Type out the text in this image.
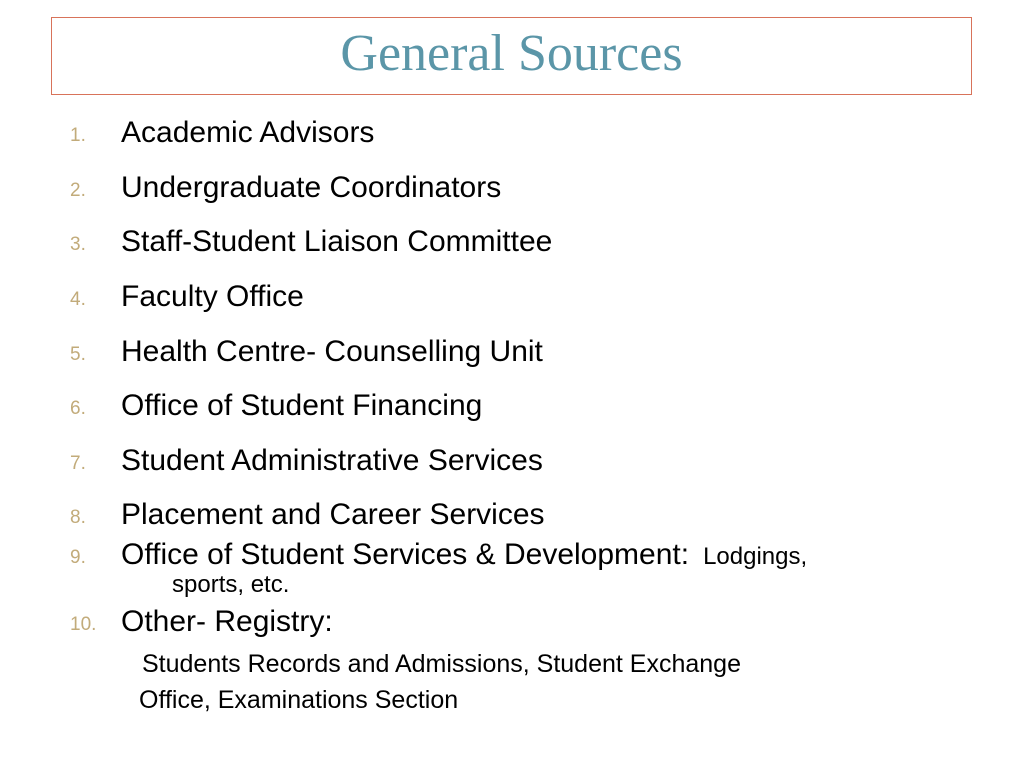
General Sources
1.	Academic Advisors
2.	Undergraduate Coordinators
3.	Staff-Student Liaison Committee
4.	Faculty Office
5.	Health Centre- Counselling Unit
6.	Office of Student Financing
7.	Student Administrative Services
8.	Placement and Career Services
9.	Office of Student Services & Development: Lodgings,
sports, etc.
10. Other- Registry:
Students Records and Admissions, Student Exchange
Office, Examinations Section
